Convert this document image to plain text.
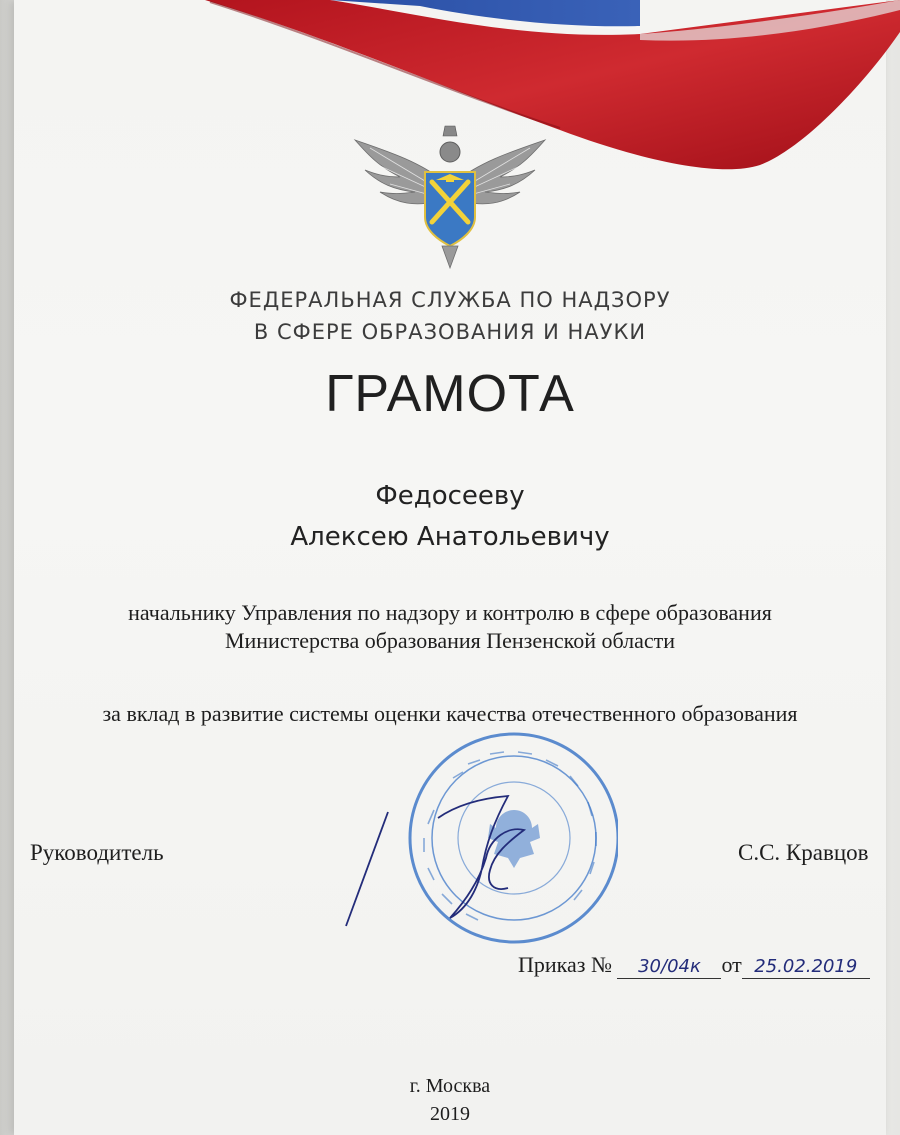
ФЕДЕРАЛЬНАЯ СЛУЖБА ПО НАДЗОРУ
В СФЕРЕ ОБРАЗОВАНИЯ И НАУКИ
ГРАМОТА
Федосееву
Алексею Анатольевичу
начальнику Управления по надзору и контролю в сфере образования
Министерства образования Пензенской области
за вклад в развитие системы оценки качества отечественного образования
Руководитель	С.С. Кравцов
Приказ № 30/04к от 25.02.2019
г. Москва
2019
